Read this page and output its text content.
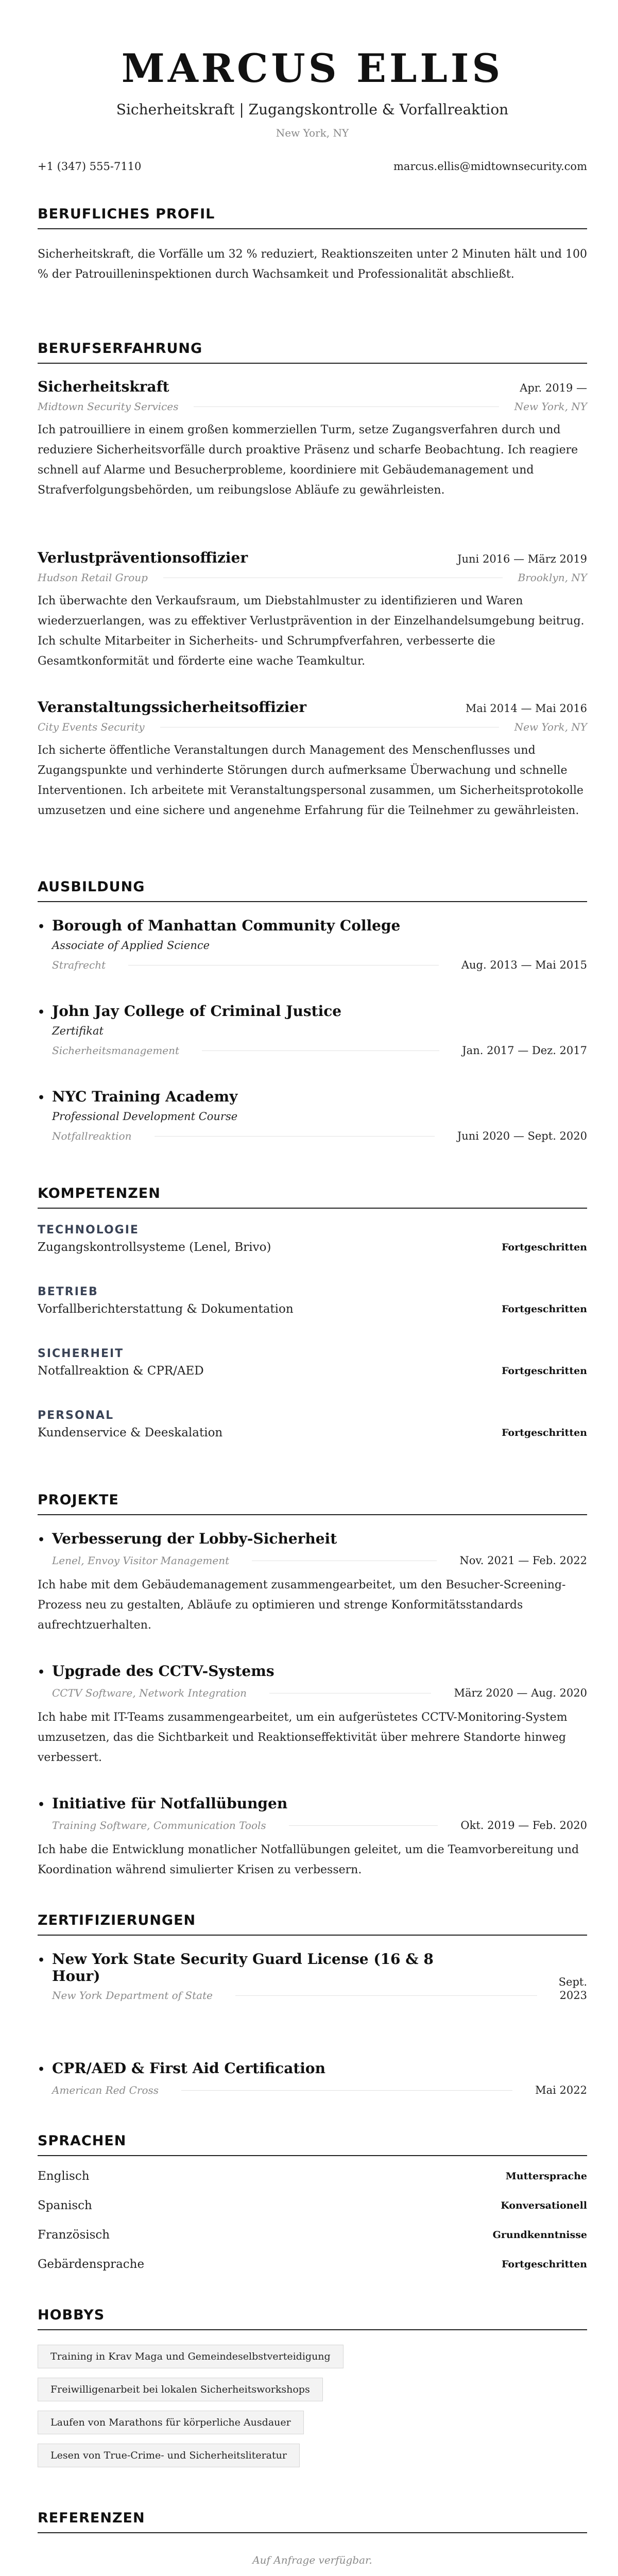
MARCUS ELLIS
Sicherheitskraft | Zugangskontrolle & Vorfallreaktion
New York, NY
+1 (347) 555-7110	marcus.ellis@midtownsecurity.com
BERUFLICHES PROFIL
Sicherheitskraft, die Vorfälle um 32 % reduziert, Reaktionszeiten unter 2 Minuten hält und 100 % der Patrouilleninspektionen durch Wachsamkeit und Professionalität abschließt.
BERUFSERFAHRUNG
Sicherheitskraft	Apr. 2019 —
Midtown Security Services	New York, NY
Ich patrouilliere in einem großen kommerziellen Turm, setze Zugangsverfahren durch und reduziere Sicherheitsvorfälle durch proaktive Präsenz und scharfe Beobachtung. Ich reagiere schnell auf Alarme und Besucherprobleme, koordiniere mit Gebäudemanagement und Strafverfolgungsbehörden, um reibungslose Abläufe zu gewährleisten.
Verlustpräventionsoffizier	Juni 2016 — März 2019
Hudson Retail Group	Brooklyn, NY
Ich überwachte den Verkaufsraum, um Diebstahlmuster zu identifizieren und Waren wiederzuerlangen, was zu effektiver Verlustprävention in der Einzelhandelsumgebung beitrug. Ich schulte Mitarbeiter in Sicherheits- und Schrumpfverfahren, verbesserte die Gesamtkonformität und förderte eine wache Teamkultur.
Veranstaltungssicherheitsoffizier	Mai 2014 — Mai 2016
City Events Security	New York, NY
Ich sicherte öffentliche Veranstaltungen durch Management des Menschenflusses und Zugangspunkte und verhinderte Störungen durch aufmerksame Überwachung und schnelle Interventionen. Ich arbeitete mit Veranstaltungspersonal zusammen, um Sicherheitsprotokolle umzusetzen und eine sichere und angenehme Erfahrung für die Teilnehmer zu gewährleisten.
AUSBILDUNG
• Borough of Manhattan Community College
Associate of Applied Science
Strafrecht	Aug. 2013 — Mai 2015
• John Jay College of Criminal Justice
Zertifikat
Sicherheitsmanagement	Jan. 2017 — Dez. 2017
• NYC Training Academy
Professional Development Course
Notfallreaktion	Juni 2020 — Sept. 2020
KOMPETENZEN
TECHNOLOGIE
Zugangskontrollsysteme (Lenel, Brivo)	Fortgeschritten
BETRIEB
Vorfallberichterstattung & Dokumentation	Fortgeschritten
SICHERHEIT
Notfallreaktion & CPR/AED	Fortgeschritten
PERSONAL
Kundenservice & Deeskalation	Fortgeschritten
PROJEKTE
• Verbesserung der Lobby-Sicherheit
Lenel, Envoy Visitor Management	Nov. 2021 — Feb. 2022
Ich habe mit dem Gebäudemanagement zusammengearbeitet, um den Besucher-Screening-Prozess neu zu gestalten, Abläufe zu optimieren und strenge Konformitätsstandards aufrechtzuerhalten.
• Upgrade des CCTV-Systems
CCTV Software, Network Integration	März 2020 — Aug. 2020
Ich habe mit IT-Teams zusammengearbeitet, um ein aufgerüstetes CCTV-Monitoring-System umzusetzen, das die Sichtbarkeit und Reaktionseffektivität über mehrere Standorte hinweg verbessert.
• Initiative für Notfallübungen
Training Software, Communication Tools	Okt. 2019 — Feb. 2020
Ich habe die Entwicklung monatlicher Notfallübungen geleitet, um die Teamvorbereitung und Koordination während simulierter Krisen zu verbessern.
ZERTIFIZIERUNGEN
• New York State Security Guard License (16 & 8
Hour)	Sept.
New York Department of State	2023
• CPR/AED & First Aid Certification
American Red Cross	Mai 2022
SPRACHEN
Englisch	Muttersprache
Spanisch	Konversationell
Französisch	Grundkenntnisse
Gebärdensprache	Fortgeschritten
HOBBYS
Training in Krav Maga und Gemeindeselbstverteidigung
Freiwilligenarbeit bei lokalen Sicherheitsworkshops
Laufen von Marathons für körperliche Ausdauer
Lesen von True-Crime- und Sicherheitsliteratur
REFERENZEN
Auf Anfrage verfügbar.
